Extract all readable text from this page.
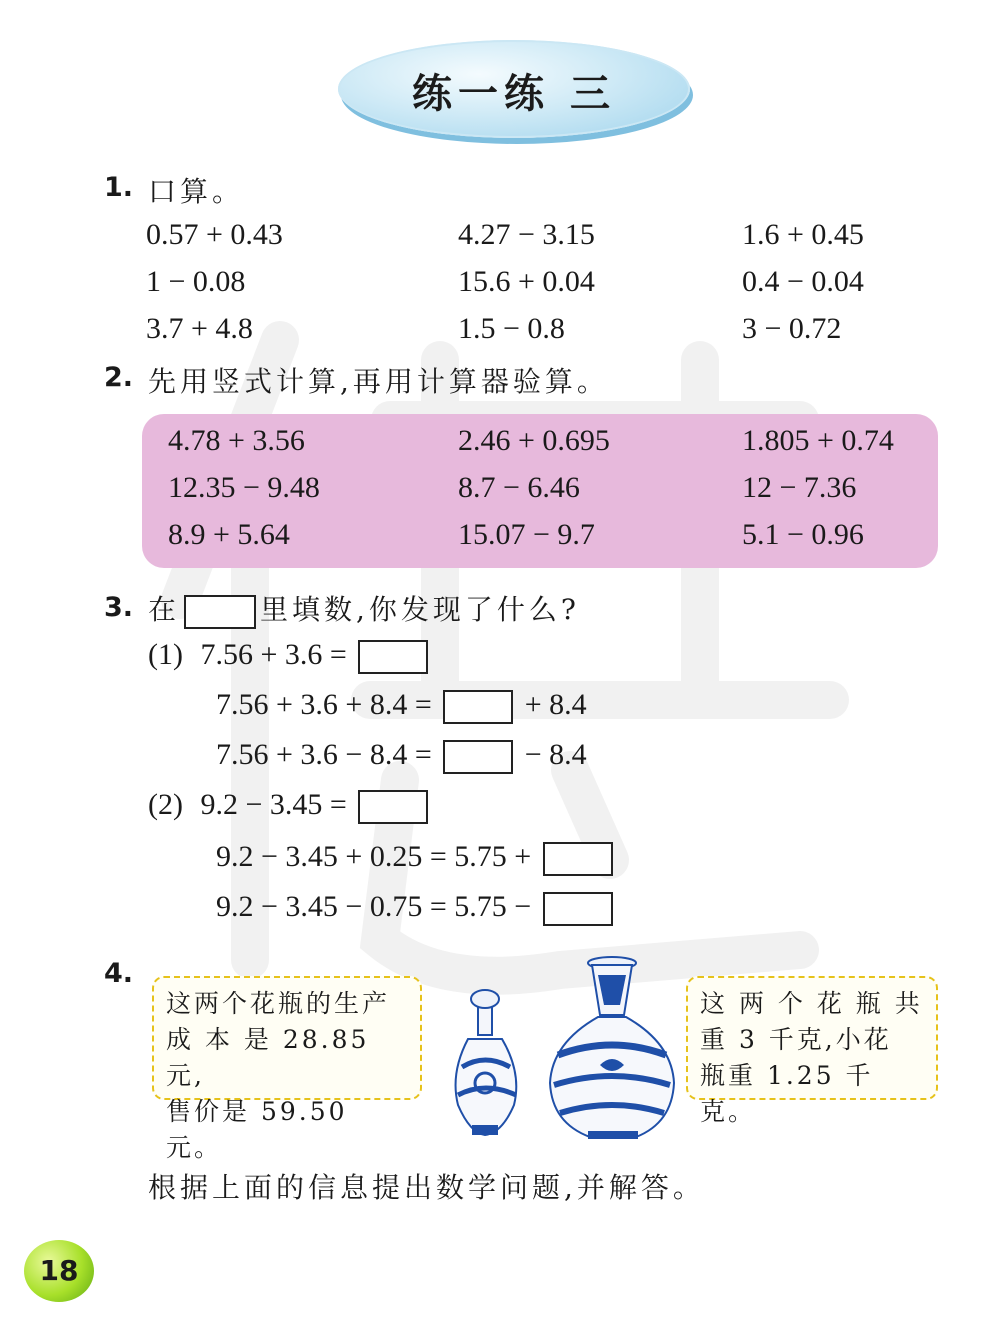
练一练 三
1. 口算。
0.57 + 0.43	4.27 − 3.15	1.6 + 0.45
1 − 0.08	15.6 + 0.04	0.4 − 0.04
3.7 + 4.8	1.5 − 0.8	3 − 0.72
2. 先用竖式计算,再用计算器验算。
4.78 + 3.56	2.46 + 0.695	1.805 + 0.74
12.35 − 9.48	8.7 − 6.46	12 − 7.36
8.9 + 5.64	15.07 − 9.7	5.1 − 0.96
3. 在	里填数,你发现了什么?
(1) 7.56 + 3.6 =
7.56 + 3.6 + 8.4 =	+ 8.4
7.56 + 3.6 − 8.4 =	− 8.4
(2) 9.2 − 3.45 =
9.2 − 3.45 + 0.25 = 5.75 +
9.2 − 3.45 − 0.75 = 5.75 −
4.
这两个花瓶的生产
成 本 是 28.85 元,
售价是 59.50 元。
这 两 个 花 瓶 共
重 3 千克,小花
瓶重 1.25 千克。
根据上面的信息提出数学问题,并解答。
18
